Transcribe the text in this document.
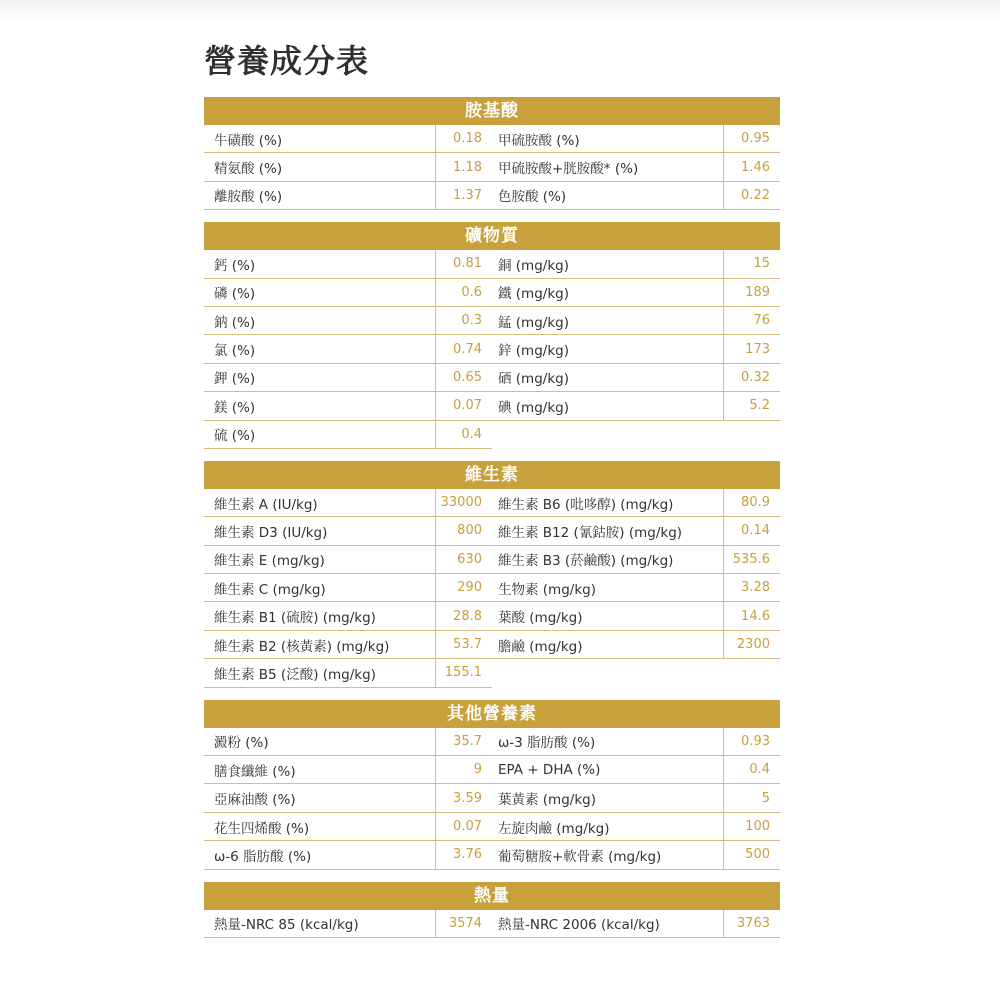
營養成分表
胺基酸
牛磺酸 (%)	0.18	甲硫胺酸 (%)	0.95
精氨酸 (%)	1.18	甲硫胺酸+胱胺酸* (%)	1.46
離胺酸 (%)	1.37	色胺酸 (%)	0.22
礦物質
鈣 (%)	0.81	銅 (mg/kg)	15
磷 (%)	0.6	鐵 (mg/kg)	189
鈉 (%)	0.3	錳 (mg/kg)	76
氯 (%)	0.74	鋅 (mg/kg)	173
鉀 (%)	0.65	硒 (mg/kg)	0.32
鎂 (%)	0.07	碘 (mg/kg)	5.2
硫 (%)	0.4
維生素
維生素 A (IU/kg)	33000	維生素 B6 (吡哆醇) (mg/kg)	80.9
維生素 D3 (IU/kg)	800	維生素 B12 (氰鈷胺) (mg/kg)	0.14
維生素 E (mg/kg)	630	維生素 B3 (菸鹼酸) (mg/kg)	535.6
維生素 C (mg/kg)	290	生物素 (mg/kg)	3.28
維生素 B1 (硫胺) (mg/kg)	28.8	葉酸 (mg/kg)	14.6
維生素 B2 (核黃素) (mg/kg)	53.7	膽鹼 (mg/kg)	2300
維生素 B5 (泛酸) (mg/kg)	155.1
其他營養素
澱粉 (%)	35.7	ω-3 脂肪酸 (%)	0.93
膳食纖維 (%)	9	EPA + DHA (%)	0.4
亞麻油酸 (%)	3.59	葉黃素 (mg/kg)	5
花生四烯酸 (%)	0.07	左旋肉鹼 (mg/kg)	100
ω-6 脂肪酸 (%)	3.76	葡萄糖胺+軟骨素 (mg/kg)	500
熱量
熱量-NRC 85 (kcal/kg)	3574	熱量-NRC 2006 (kcal/kg)	3763
